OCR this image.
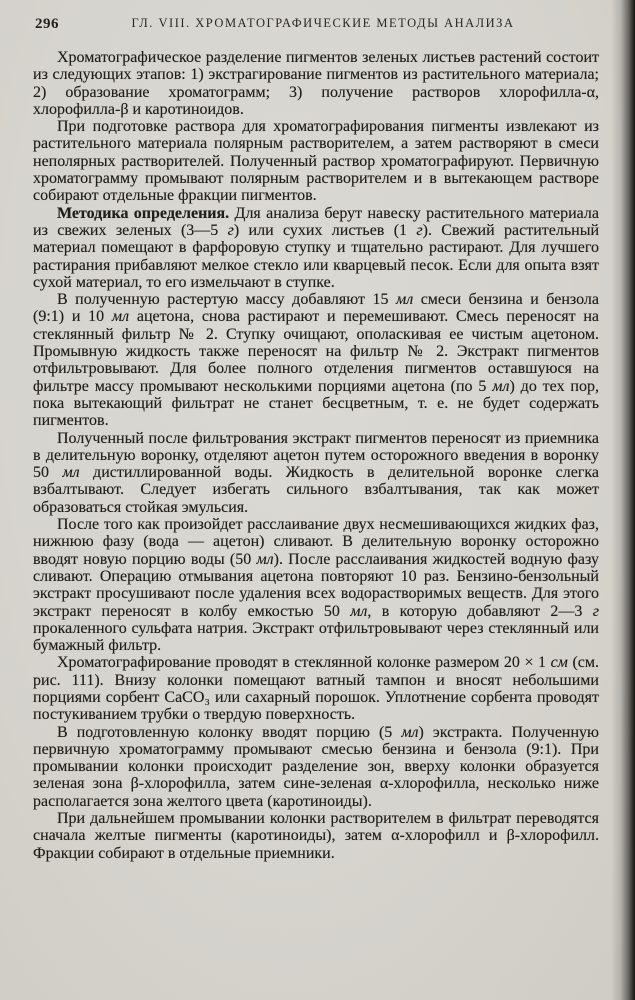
296	ГЛ. VIII. ХРОМАТОГРАФИЧЕСКИЕ МЕТОДЫ АНАЛИЗА

Хроматографическое разделение пигментов зеленых листьев растений состоит из следующих этапов: 1) экстрагирование пигментов из растительного материала; 2) образование хроматограмм; 3) получение растворов хлорофилла-α, хлорофилла-β и каротиноидов.

При подготовке раствора для хроматографирования пигменты извлекают из растительного материала полярным растворителем, а затем растворяют в смеси неполярных растворителей. Полученный раствор хроматографируют. Первичную хроматограмму промывают полярным растворителем и в вытекающем растворе собирают отдельные фракции пигментов.

Методика определения. Для анализа берут навеску растительного материала из свежих зеленых (3—5 г) или сухих листьев (1 г). Свежий растительный материал помещают в фарфоровую ступку и тщательно растирают. Для лучшего растирания прибавляют мелкое стекло или кварцевый песок. Если для опыта взят сухой материал, то его измельчают в ступке.

В полученную растертую массу добавляют 15 мл смеси бензина и бензола (9:1) и 10 мл ацетона, снова растирают и перемешивают. Смесь переносят на стеклянный фильтр № 2. Ступку очищают, ополаскивая ее чистым ацетоном. Промывную жидкость также переносят на фильтр № 2. Экстракт пигментов отфильтровывают. Для более полного отделения пигментов оставшуюся на фильтре массу промывают несколькими порциями ацетона (по 5 мл) до тех пор, пока вытекающий фильтрат не станет бесцветным, т. е. не будет содержать пигментов.

Полученный после фильтрования экстракт пигментов переносят из приемника в делительную воронку, отделяют ацетон путем осторожного введения в воронку 50 мл дистиллированной воды. Жидкость в делительной воронке слегка взбалтывают. Следует избегать сильного взбалтывания, так как может образоваться стойкая эмульсия.

После того как произойдет расслаивание двух несмешивающихся жидких фаз, нижнюю фазу (вода — ацетон) сливают. В делительную воронку осторожно вводят новую порцию воды (50 мл). После расслаивания жидкостей водную фазу сливают. Операцию отмывания ацетона повторяют 10 раз. Бензино-бензольный экстракт просушивают после удаления всех водорастворимых веществ. Для этого экстракт переносят в колбу емкостью 50 мл, в которую добавляют 2—3 г прокаленного сульфата натрия. Экстракт отфильтровывают через стеклянный или бумажный фильтр.

Хроматографирование проводят в стеклянной колонке размером 20 × 1 см (см. рис. 111). Внизу колонки помещают ватный тампон и вносят небольшими порциями сорбент CaCO₃ или сахарный порошок. Уплотнение сорбента проводят постукиванием трубки о твердую поверхность.

В подготовленную колонку вводят порцию (5 мл) экстракта. Полученную первичную хроматограмму промывают смесью бензина и бензола (9:1). При промывании колонки происходит разделение зон, вверху колонки образуется зеленая зона β-хлорофилла, затем сине-зеленая α-хлорофилла, несколько ниже располагается зона желтого цвета (каротиноиды).

При дальнейшем промывании колонки растворителем в фильтрат переводятся сначала желтые пигменты (каротиноиды), затем α-хлорофилл и β-хлорофилл. Фракции собирают в отдельные приемники.
